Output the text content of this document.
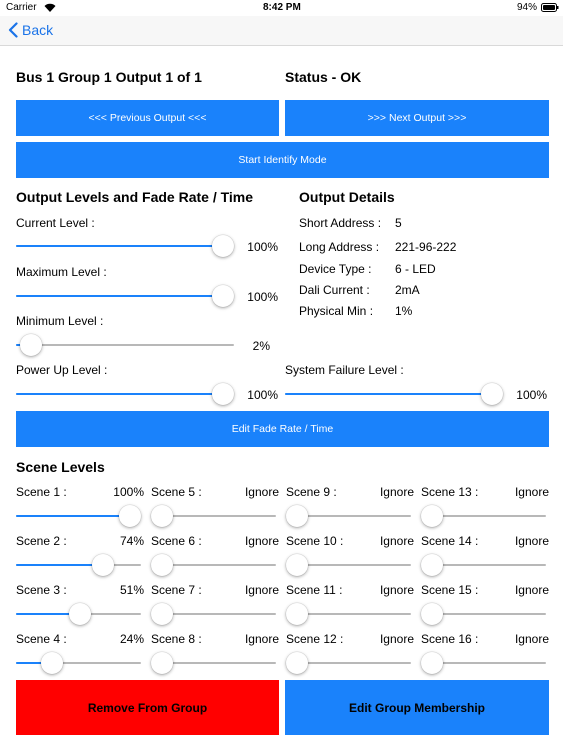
Carrier	8:42 PM	94%
Back
Bus 1 Group 1 Output 1 of 1	Status - OK
<<< Previous Output <<<	>>> Next Output >>>
Start Identify Mode
Output Levels and Fade Rate / Time
Current Level :
100%
Maximum Level :
100%
Minimum Level :
2%
Power Up Level :
100%
System Failure Level :
100%
Output Details
Short Address : 5
Long Address : 221-96-222
Device Type : 6 - LED
Dali Current : 2mA
Physical Min : 1%
Edit Fade Rate / Time
Scene Levels
Scene 1 :	100%
Scene 2 :	74%
Scene 3 :	51%
Scene 4 :	24%
Scene 5 :	Ignore
Scene 6 :	Ignore
Scene 7 :	Ignore
Scene 8 :	Ignore
Scene 9 :	Ignore
Scene 10 :	Ignore
Scene 11 :	Ignore
Scene 12 :	Ignore
Scene 13 :	Ignore
Scene 14 :	Ignore
Scene 15 :	Ignore
Scene 16 :	Ignore
Remove From Group	Edit Group Membership
